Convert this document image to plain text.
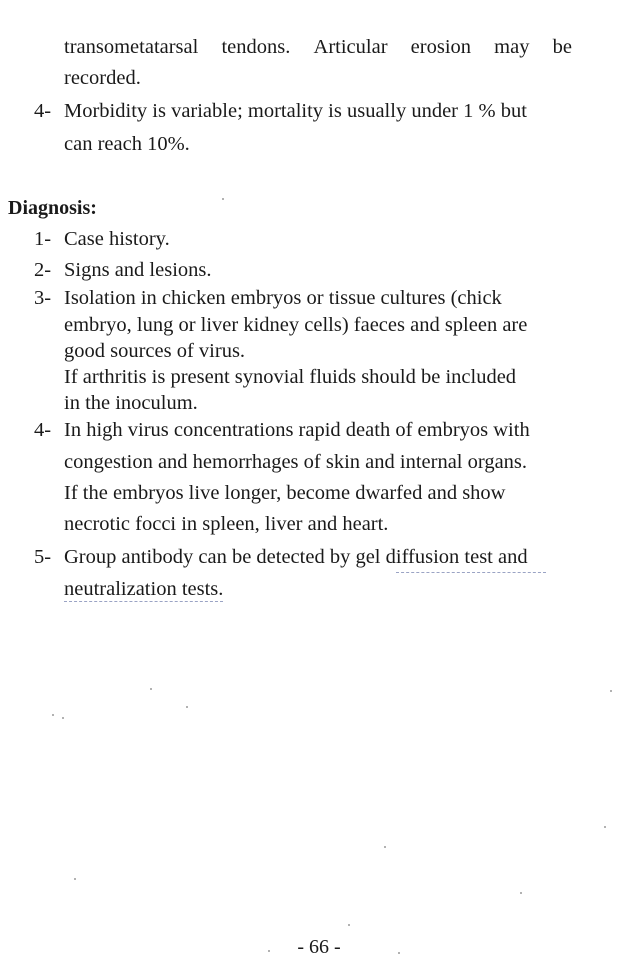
transometatarsal tendons. Articular erosion may be
recorded.
4- Morbidity is variable; mortality is usually under 1 % but
can reach 10%.
Diagnosis:
1- Case history.
2- Signs and lesions.
3- Isolation in chicken embryos or tissue cultures (chick
embryo, lung or liver kidney cells) faeces and spleen are
good sources of virus.
If arthritis is present synovial fluids should be included
in the inoculum.
4- In high virus concentrations rapid death of embryos with
congestion and hemorrhages of skin and internal organs.
If the embryos live longer, become dwarfed and show
necrotic focci in spleen, liver and heart.
5- Group antibody can be detected by gel diffusion test and
neutralization tests.
- 66 -
